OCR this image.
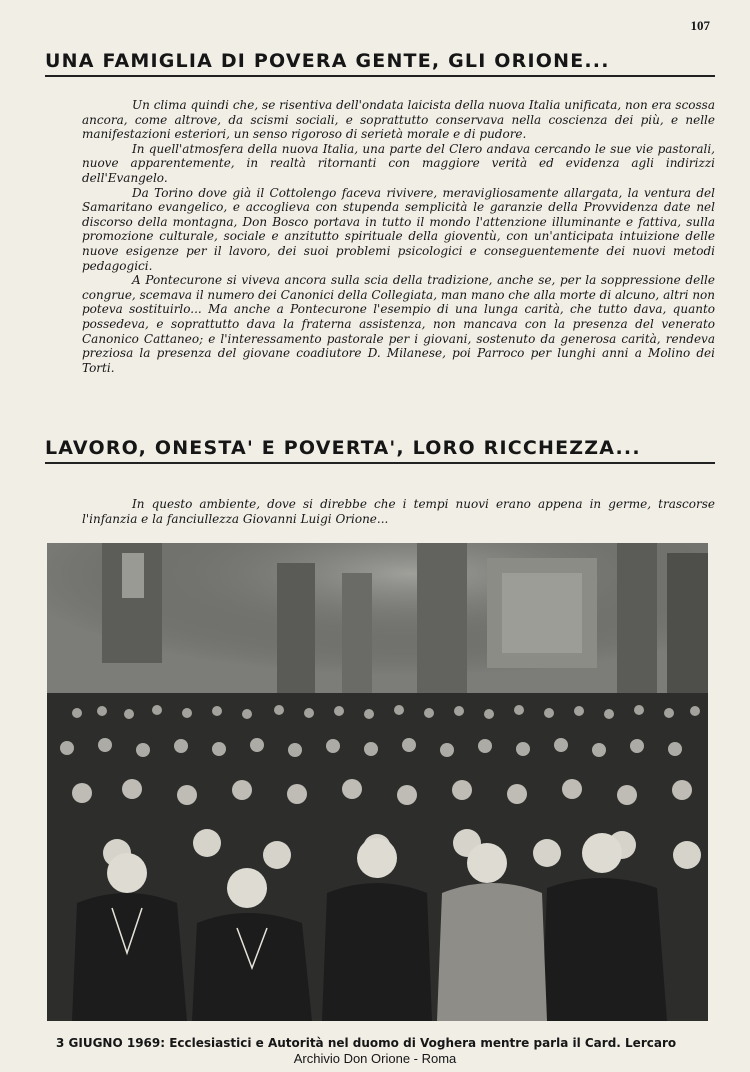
107
UNA FAMIGLIA DI POVERA GENTE, GLI ORIONE...

Un clima quindi che, se risentiva dell'ondata laicista della nuova Italia unificata, non era scossa ancora, come altrove, da scismi sociali, e soprattutto conservava nella coscienza dei più, e nelle manifestazioni esteriori, un senso rigoroso di serietà morale e di pudore.

In quell'atmosfera della nuova Italia, una parte del Clero andava cercando le sue vie pastorali, nuove apparentemente, in realtà ritornanti con maggiore verità ed evidenza agli indirizzi dell'Evangelo.

Da Torino dove già il Cottolengo faceva rivivere, meravigliosamente allargata, la ventura del Samaritano evangelico, e accoglieva con stupenda semplicità le garanzie della Provvidenza date nel discorso della montagna, Don Bosco portava in tutto il mondo l'attenzione illuminante e fattiva, sulla promozione culturale, sociale e anzitutto spirituale della gioventù, con un'anticipata intuizione delle nuove esigenze per il lavoro, dei suoi problemi psicologici e conseguentemente dei nuovi metodi pedagogici.

A Pontecurone si viveva ancora sulla scia della tradizione, anche se, per la soppressione delle congrue, scemava il numero dei Canonici della Collegiata, man mano che alla morte di alcuno, altri non poteva sostituirlo... Ma anche a Pontecurone l'esempio di una lunga carità, che tutto dava, quanto possedeva, e soprattutto dava la fraterna assistenza, non mancava con la presenza del venerato Canonico Cattaneo; e l'interessamento pastorale per i giovani, sostenuto da generosa carità, rendeva preziosa la presenza del giovane coadiutore D. Milanese, poi Parroco per lunghi anni a Molino dei Torti.

LAVORO, ONESTA' E POVERTA', LORO RICCHEZZA...

In questo ambiente, dove si direbbe che i tempi nuovi erano appena in germe, trascorse l'infanzia e la fanciullezza Giovanni Luigi Orione...

3 GIUGNO 1969: Ecclesiastici e Autorità nel duomo di Voghera mentre parla il Card. Lercaro
Archivio Don Orione - Roma
